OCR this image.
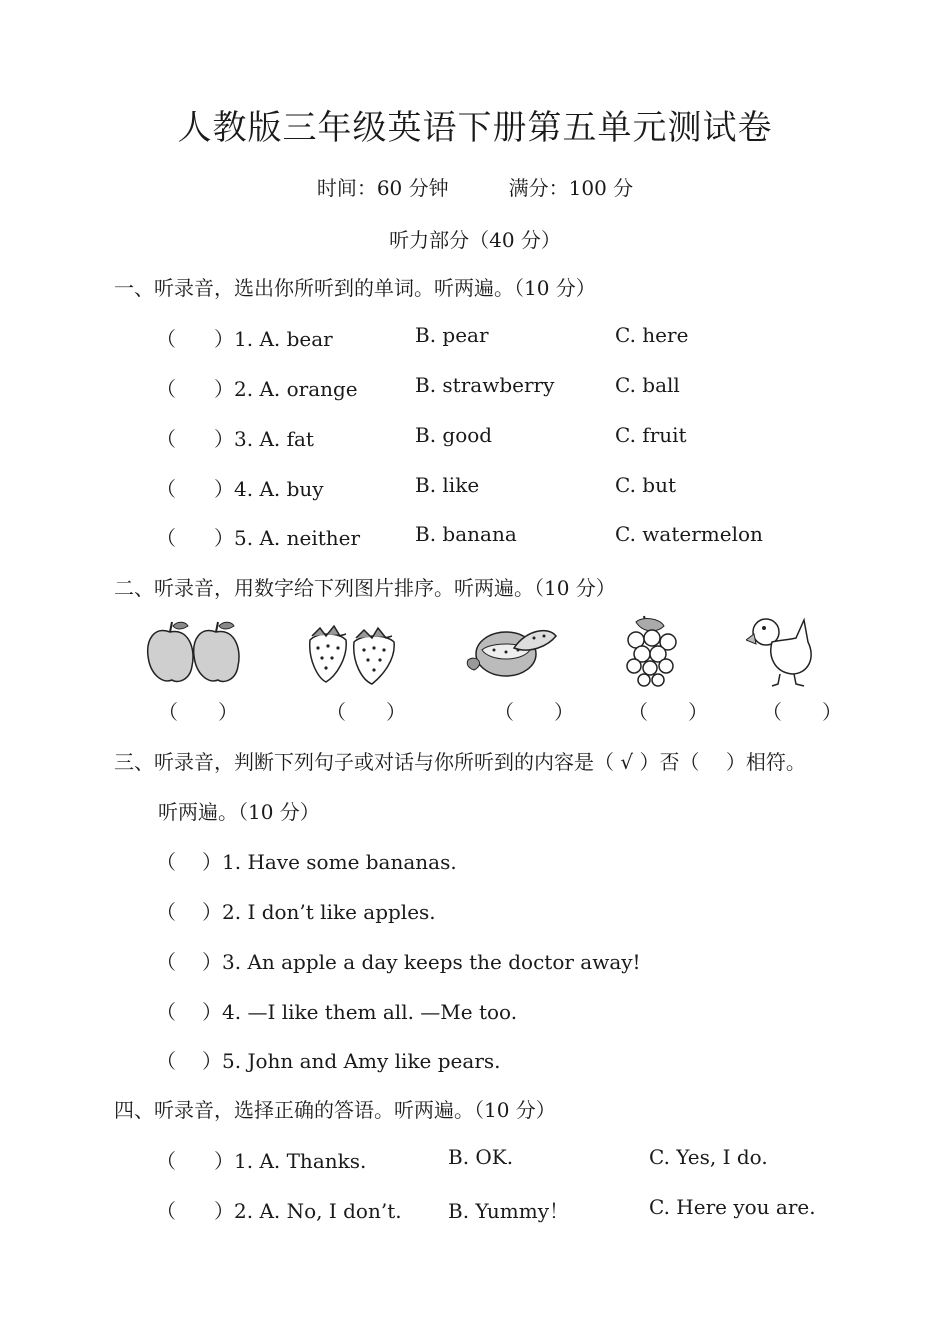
人教版三年级英语下册第五单元测试卷
时间：60 分钟	满分：100 分
听力部分（40 分）
一、听录音，选出你所听到的单词。听两遍。（10 分）
（ ）1. A. bear	B. pear	C. here
（ ）2. A. orange	B. strawberry	C. ball
（ ）3. A. fat	B. good	C. fruit
（ ）4. A. buy	B. like	C. but
（ ）5. A. neither	B. banana	C. watermelon
二、听录音，用数字给下列图片排序。听两遍。（10 分）
（　　）	（　　）	（　　）	（　　）	（　　）
三、听录音，判断下列句子或对话与你所听到的内容是（ √ ）否（　 ）相符。
听两遍。（10 分）
（ ）1. Have some bananas.
（ ）2. I don’t like apples.
（ ）3. An apple a day keeps the doctor away!
（ ）4. —I like them all. —Me too.
（ ）5. John and Amy like pears.
四、听录音，选择正确的答语。听两遍。（10 分）
（ ）1. A. Thanks.	B. OK.	C. Yes, I do.
（ ）2. A. No, I don’t. B. Yummy！	C. Here you are.
